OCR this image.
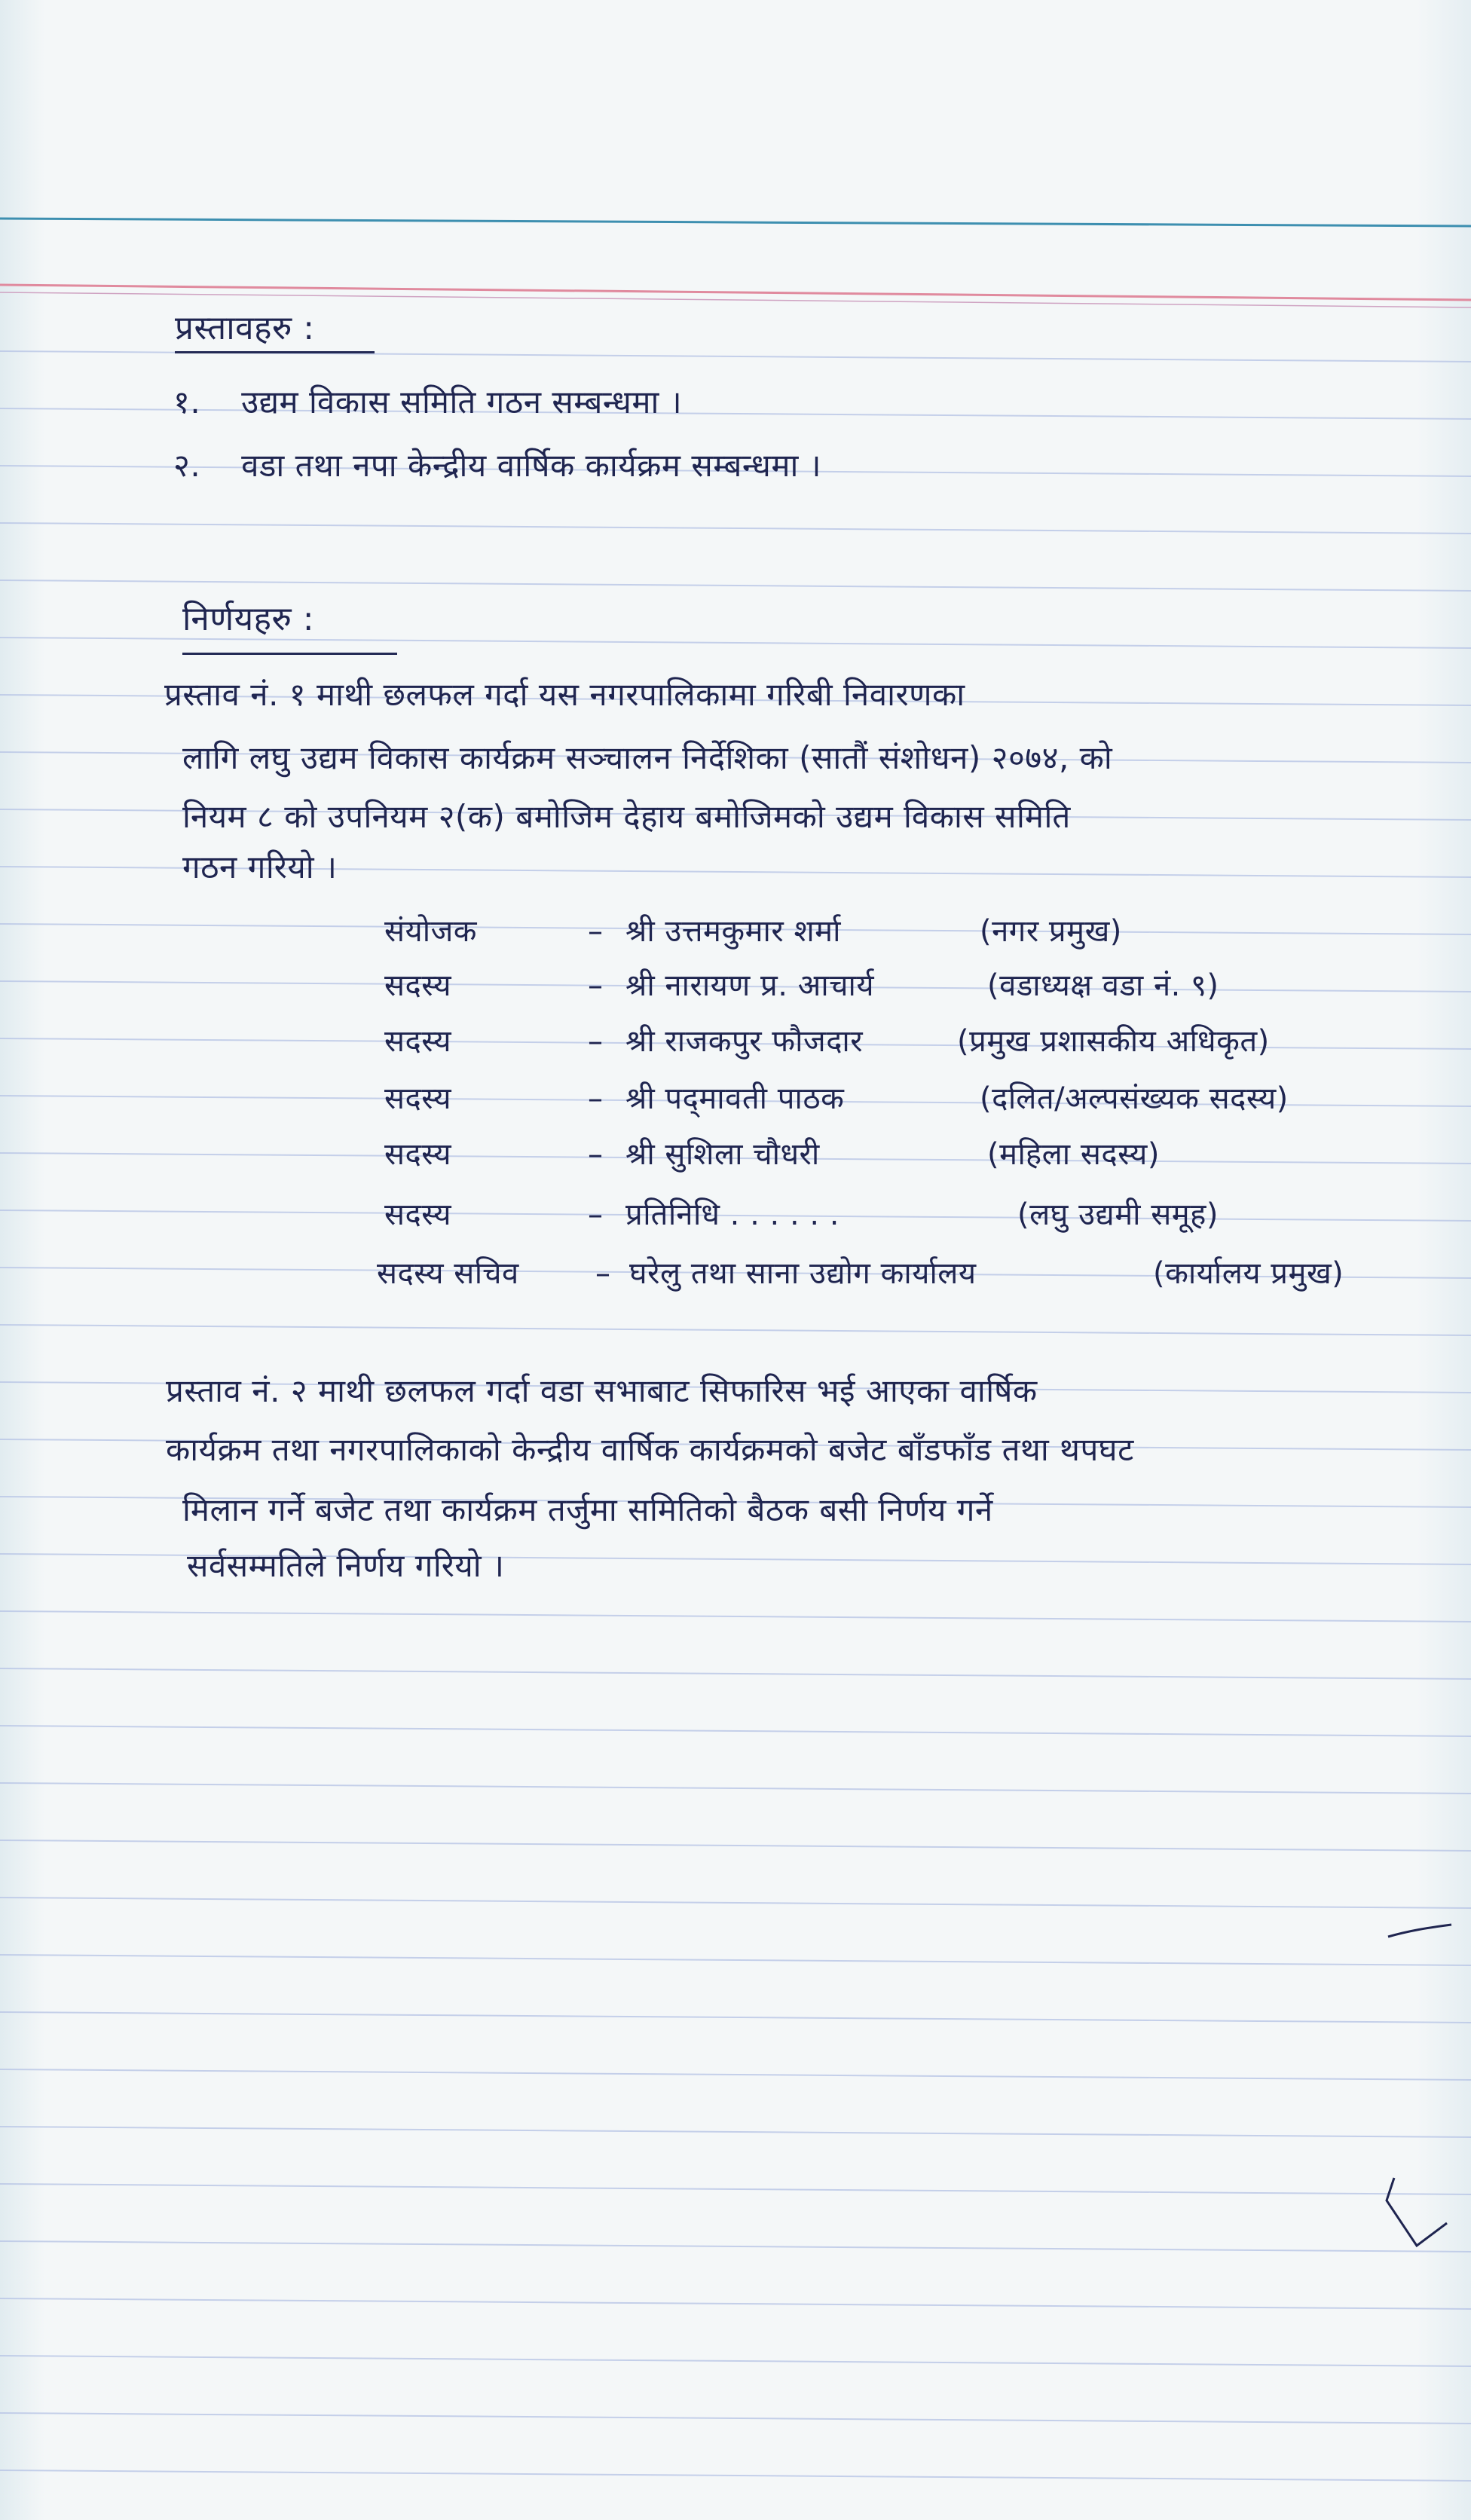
प्रस्तावहरु :
१. उद्यम विकास समिति गठन सम्बन्धमा ।
२. वडा तथा नपा केन्द्रीय वार्षिक कार्यक्रम सम्बन्धमा ।
निर्णयहरु :
प्रस्ताव नं. १ माथी छलफल गर्दा यस नगरपालिकामा गरिबी निवारणका
लागि लघु उद्यम विकास कार्यक्रम सञ्चालन निर्देशिका (सातौं संशोधन) २०७४, को
नियम ८ को उपनियम २(क) बमोजिम देहाय बमोजिमको उद्यम विकास समिति
गठन गरियो ।
संयोजक	– श्री उत्तमकुमार शर्मा	(नगर प्रमुख)
सदस्य	– श्री नारायण प्र. आचार्य	(वडाध्यक्ष वडा नं. ९)
सदस्य	– श्री राजकपुर फौजदार	(प्रमुख प्रशासकीय अधिकृत)
सदस्य	– श्री पद्‌मावती पाठक	(दलित/अल्पसंख्यक सदस्य)
सदस्य	– श्री सुशिला चौधरी	(महिला सदस्य)
सदस्य	– प्रतिनिधि . . . . . .	(लघु उद्यमी समूह)
सदस्य सचिव	– घरेलु तथा साना उद्योग कार्यालय	(कार्यालय प्रमुख)
प्रस्ताव नं. २ माथी छलफल गर्दा वडा सभाबाट सिफारिस भई आएका वार्षिक
कार्यक्रम तथा नगरपालिकाको केन्द्रीय वार्षिक कार्यक्रमको बजेट बाँडफाँड तथा थपघट
मिलान गर्ने बजेट तथा कार्यक्रम तर्जुमा समितिको बैठक बसी निर्णय गर्ने
सर्वसम्मतिले निर्णय गरियो ।
